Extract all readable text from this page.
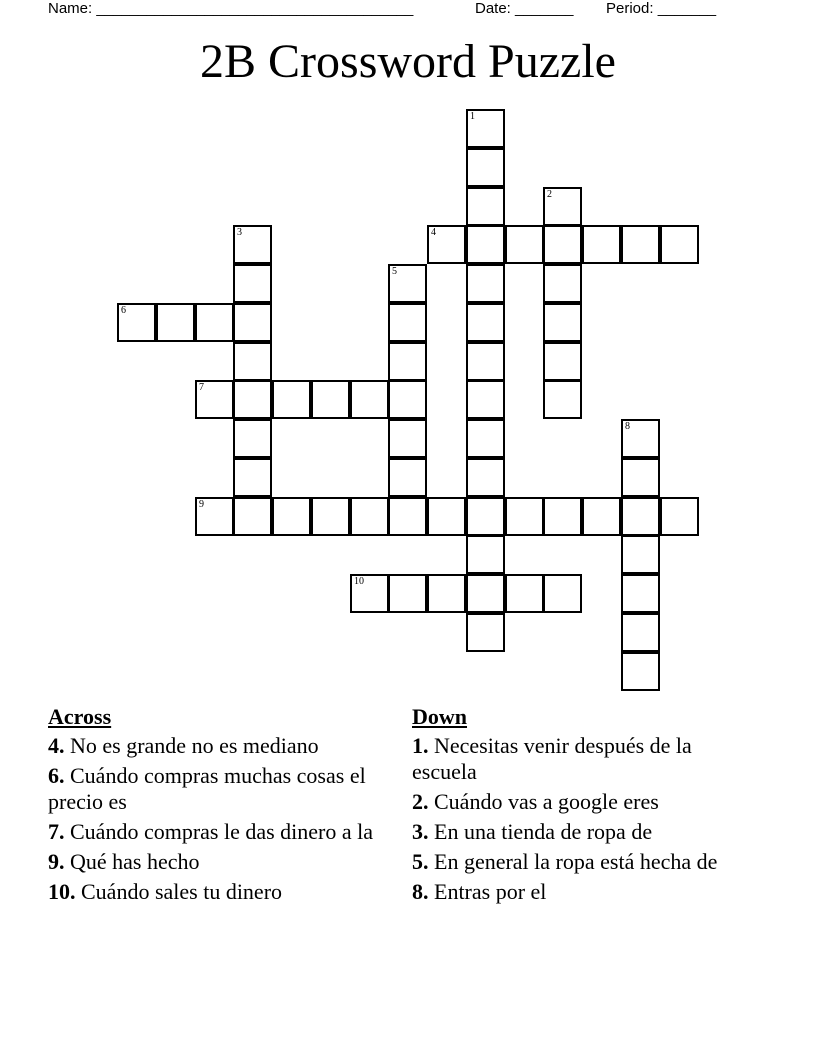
Name: ______________________________________	Date: _______ Period: _______
2B Crossword Puzzle
1
2
3	4
5
6
7
8
9
10
Across
4. No es grande no es mediano
6. Cuándo compras muchas cosas el precio es
7. Cuándo compras le das dinero a la
9. Qué has hecho
10. Cuándo sales tu dinero
Down
1. Necesitas venir después de la escuela
2. Cuándo vas a google eres
3. En una tienda de ropa de
5. En general la ropa está hecha de
8. Entras por el
